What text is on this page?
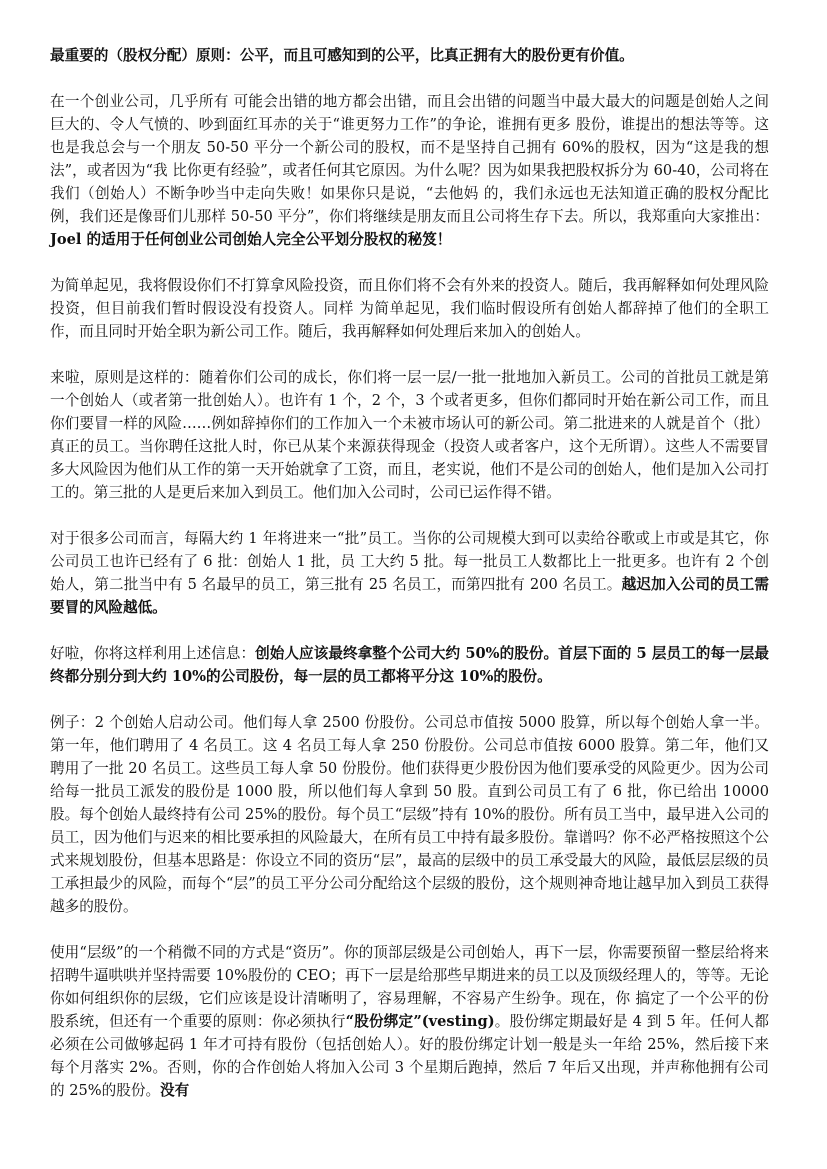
最重要的（股权分配）原则：公平，而且可感知到的公平，比真正拥有大的股份更有价值。

在一个创业公司，几乎所有 可能会出错的地方都会出错，而且会出错的问题当中最大最大的问题是创始人之间巨大的、令人气愤的、吵到面红耳赤的关于“谁更努力工作”的争论，谁拥有更多 股份，谁提出的想法等等。这也是我总会与一个朋友 50-50 平分一个新公司的股权，而不是坚持自己拥有 60%的股权，因为“这是我的想法”，或者因为“我 比你更有经验”，或者任何其它原因。为什么呢？因为如果我把股权拆分为 60-40，公司将在我们（创始人）不断争吵当中走向失败！如果你只是说，“去他妈 的，我们永远也无法知道正确的股权分配比例，我们还是像哥们儿那样 50-50 平分”，你们将继续是朋友而且公司将生存下去。所以，我郑重向大家推出：Joel 的适用于任何创业公司创始人完全公平划分股权的秘笈！

为简单起见，我将假设你们不打算拿风险投资，而且你们将不会有外来的投资人。随后，我再解释如何处理风险投资，但目前我们暂时假设没有投资人。同样 为简单起见，我们临时假设所有创始人都辞掉了他们的全职工作，而且同时开始全职为新公司工作。随后，我再解释如何处理后来加入的创始人。

来啦，原则是这样的：随着你们公司的成长，你们将一层一层/一批一批地加入新员工。公司的首批员工就是第一个创始人（或者第一批创始人）。也许有 1 个，2 个，3 个或者更多，但你们都同时开始在新公司工作，而且你们要冒一样的风险……例如辞掉你们的工作加入一个未被市场认可的新公司。第二批进来的人就是首个（批）真正的员工。当你聘任这批人时，你已从某个来源获得现金（投资人或者客户，这个无所谓）。这些人不需要冒多大风险因为他们从工作的第一天开始就拿了工资，而且，老实说，他们不是公司的创始人，他们是加入公司打工的。第三批的人是更后来加入到员工。他们加入公司时，公司已运作得不错。

对于很多公司而言，每隔大约 1 年将进来一“批”员工。当你的公司规模大到可以卖给谷歌或上市或是其它，你公司员工也许已经有了 6 批：创始人 1 批，员 工大约 5 批。每一批员工人数都比上一批更多。也许有 2 个创始人，第二批当中有 5 名最早的员工，第三批有 25 名员工，而第四批有 200 名员工。越迟加入公司的员工需要冒的风险越低。

好啦，你将这样利用上述信息：创始人应该最终拿整个公司大约 50%的股份。首层下面的 5 层员工的每一层最终都分别分到大约 10%的公司股份，每一层的员工都将平分这 10%的股份。

例子：2 个创始人启动公司。他们每人拿 2500 份股份。公司总市值按 5000 股算，所以每个创始人拿一半。第一年，他们聘用了 4 名员工。这 4 名员工每人拿 250 份股份。公司总市值按 6000 股算。第二年，他们又聘用了一批 20 名员工。这些员工每人拿 50 份股份。他们获得更少股份因为他们要承受的风险更少。因为公司给每一批员工派发的股份是 1000 股，所以他们每人拿到 50 股。直到公司员工有了 6 批，你已给出 10000 股。每个创始人最终持有公司 25%的股份。每个员工“层级”持有 10%的股份。所有员工当中，最早进入公司的员工，因为他们与迟来的相比要承担的风险最大，在所有员工中持有最多股份。靠谱吗？你不必严格按照这个公式来规划股份，但基本思路是：你设立不同的资历“层”，最高的层级中的员工承受最大的风险，最低层层级的员工承担最少的风险，而每个“层”的员工平分公司分配给这个层级的股份，这个规则神奇地让越早加入到员工获得越多的股份。

使用“层级”的一个稍微不同的方式是“资历”。你的顶部层级是公司创始人，再下一层，你需要预留一整层给将来招聘牛逼哄哄并坚持需要 10%股份的 CEO；再下一层是给那些早期进来的员工以及顶级经理人的，等等。无论你如何组织你的层级，它们应该是设计清晰明了，容易理解，不容易产生纷争。现在，你 搞定了一个公平的份股系统，但还有一个重要的原则：你必须执行“股份绑定”(vesting)。股份绑定期最好是 4 到 5 年。任何人都必须在公司做够起码 1 年才可持有股份（包括创始人）。好的股份绑定计划一般是头一年给 25%，然后接下来每个月落实 2%。否则，你的合作创始人将加入公司 3 个星期后跑掉，然后 7 年后又出现，并声称他拥有公司的 25%的股份。没有
